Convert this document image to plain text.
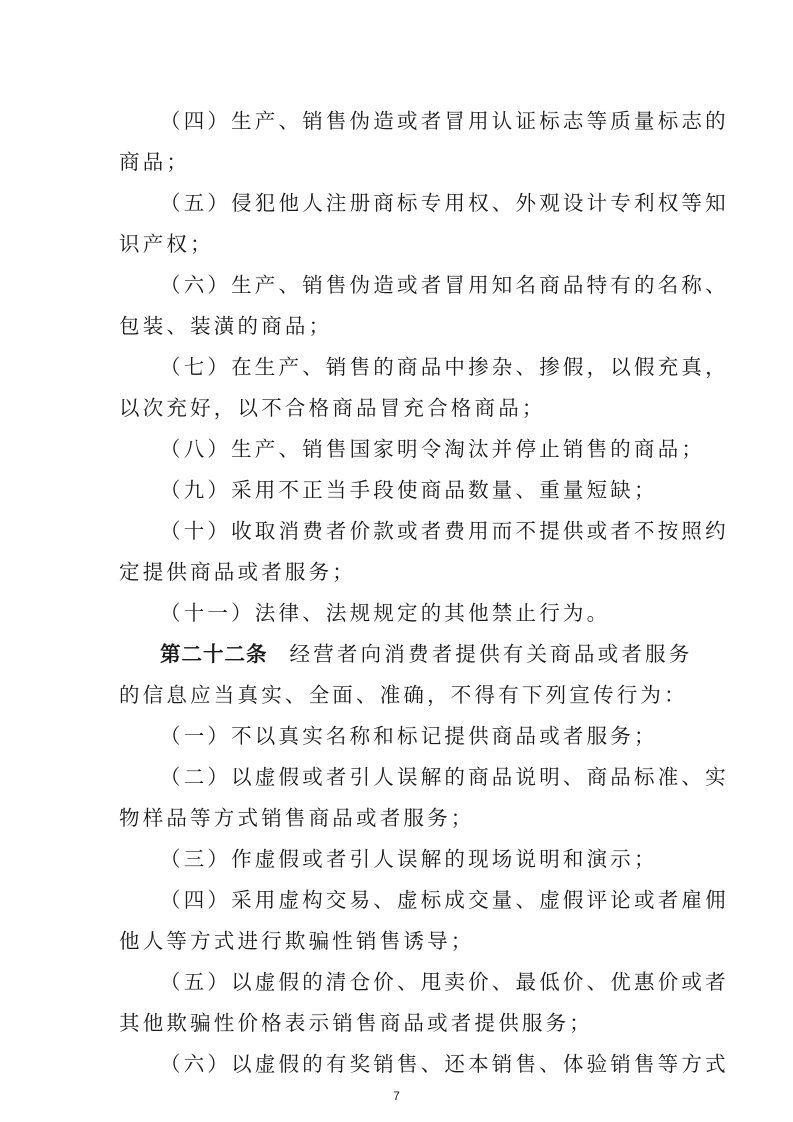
（四）生产、销售伪造或者冒用认证标志等质量标志的
商品；
（五）侵犯他人注册商标专用权、外观设计专利权等知
识产权；
（六）生产、销售伪造或者冒用知名商品特有的名称、
包装、装潢的商品；
（七）在生产、销售的商品中掺杂、掺假，以假充真，
以次充好，以不合格商品冒充合格商品；
（八）生产、销售国家明令淘汰并停止销售的商品；
（九）采用不正当手段使商品数量、重量短缺；
（十）收取消费者价款或者费用而不提供或者不按照约
定提供商品或者服务；
（十一）法律、法规规定的其他禁止行为。
第二十二条 经营者向消费者提供有关商品或者服务
的信息应当真实、全面、准确，不得有下列宣传行为：
（一）不以真实名称和标记提供商品或者服务；
（二）以虚假或者引人误解的商品说明、商品标准、实
物样品等方式销售商品或者服务；
（三）作虚假或者引人误解的现场说明和演示；
（四）采用虚构交易、虚标成交量、虚假评论或者雇佣
他人等方式进行欺骗性销售诱导；
（五）以虚假的清仓价、甩卖价、最低价、优惠价或者
其他欺骗性价格表示销售商品或者提供服务；
（六）以虚假的有奖销售、还本销售、体验销售等方式
7
